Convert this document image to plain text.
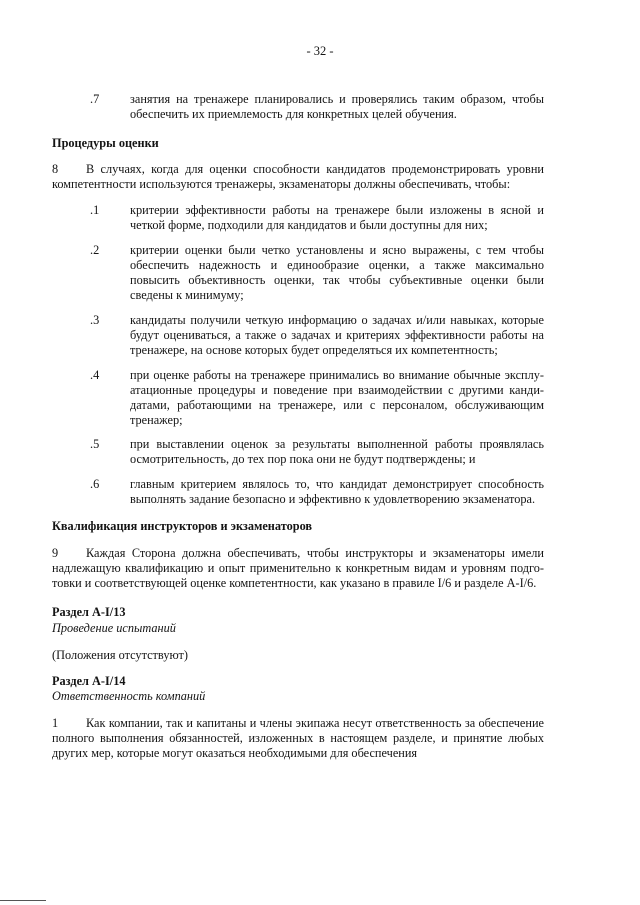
- 32 -
.7	занятия на тренажере планировались и проверялись таким образом, чтобы обеспечить их приемлемость для конкретных целей обучения.

Процедуры оценки

8 В случаях, когда для оценки способности кандидатов продемонстрировать уровни компетентности используются тренажеры, экзаменаторы должны обеспечивать, чтобы:

.1	критерии эффективности работы на тренажере были изложены в ясной и четкой форме, подходили для кандидатов и были доступны для них;

.2	критерии оценки были четко установлены и ясно выражены, с тем чтобы обеспечить надежность и единообразие оценки, а также максимально повысить объективность оценки, так чтобы субъективные оценки были сведены к минимуму;

.3	кандидаты получили четкую информацию о задачах и/или навыках, которые будут оцениваться, а также о задачах и критериях эффективности работы на тренажере, на основе которых будет определяться их компетентность;

.4	при оценке работы на тренажере принимались во внимание обычные эксплу-атационные процедуры и поведение при взаимодействии с другими канди-датами, работающими на тренажере, или с персоналом, обслуживающим тренажер;

.5	при выставлении оценок за результаты выполненной работы проявлялась осмотрительность, до тех пор пока они не будут подтверждены; и

.6	главным критерием являлось то, что кандидат демонстрирует способность выполнять задание безопасно и эффективно к удовлетворению экзаменатора.

Квалификация инструкторов и экзаменаторов

9 Каждая Сторона должна обеспечивать, чтобы инструкторы и экзаменаторы имели надлежащую квалификацию и опыт применительно к конкретным видам и уровням подго-товки и соответствующей оценке компетентности, как указано в правиле I/6 и разделе А-I/6.

Раздел А-I/13
Проведение испытаний
(Положения отсутствуют)
Раздел А-I/14
Ответственность компаний

1 Как компании, так и капитаны и члены экипажа несут ответственность за обеспечение полного выполнения обязанностей, изложенных в настоящем разделе, и принятие любых других мер, которые могут оказаться необходимыми для обеспечения
